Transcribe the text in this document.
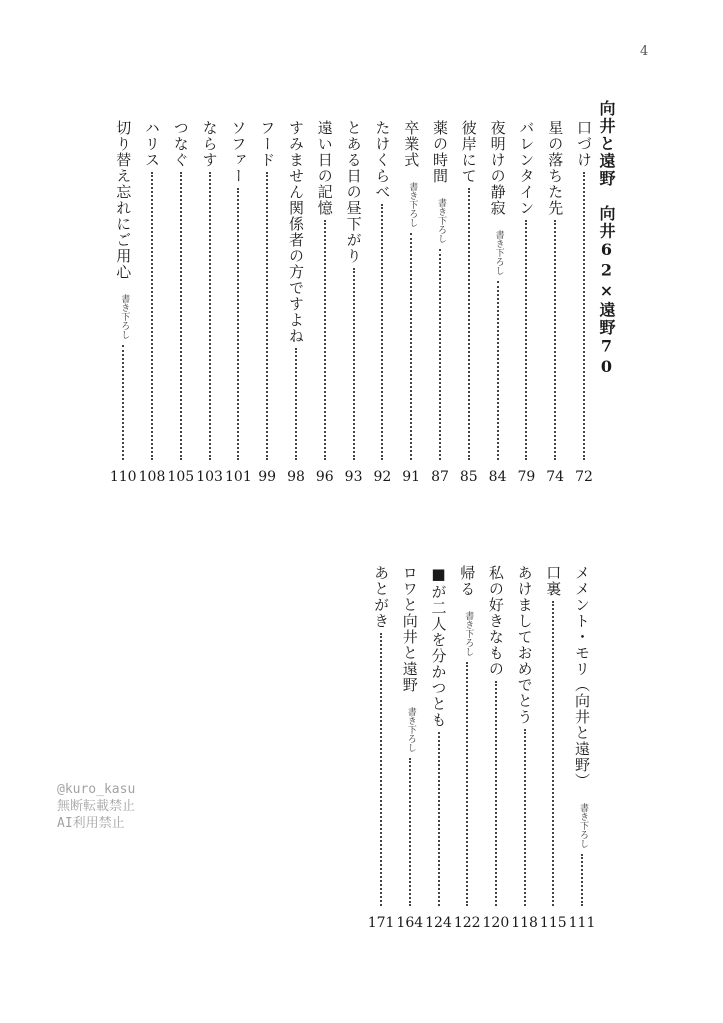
4
向井と遠野　向井62×遠野70
口づけ
72
星の落ちた先
74
バレンタイン
79
夜明けの静寂
書き下ろし
84
彼岸にて
85
薬の時間
書き下ろし
87
卒業式
書き下ろし
91
たけくらべ
92
とある日の昼下がり
93
遠い日の記憶
96
すみません関係者の方ですよね
98
フード
99
ソファー
101
ならす
103
つなぐ
105
ハリス
108
切り替え忘れにご用心
書き下ろし
110
メメント・モリ（向井と遠野）
書き下ろし
111
口裏
115
あけましておめでとう
118
私の好きなもの
120
帰る
書き下ろし
122
■が二人を分かつとも
124
ロワと向井と遠野
書き下ろし
164
あとがき
171
@kuro_kasu
無断転載禁止
AI利用禁止
